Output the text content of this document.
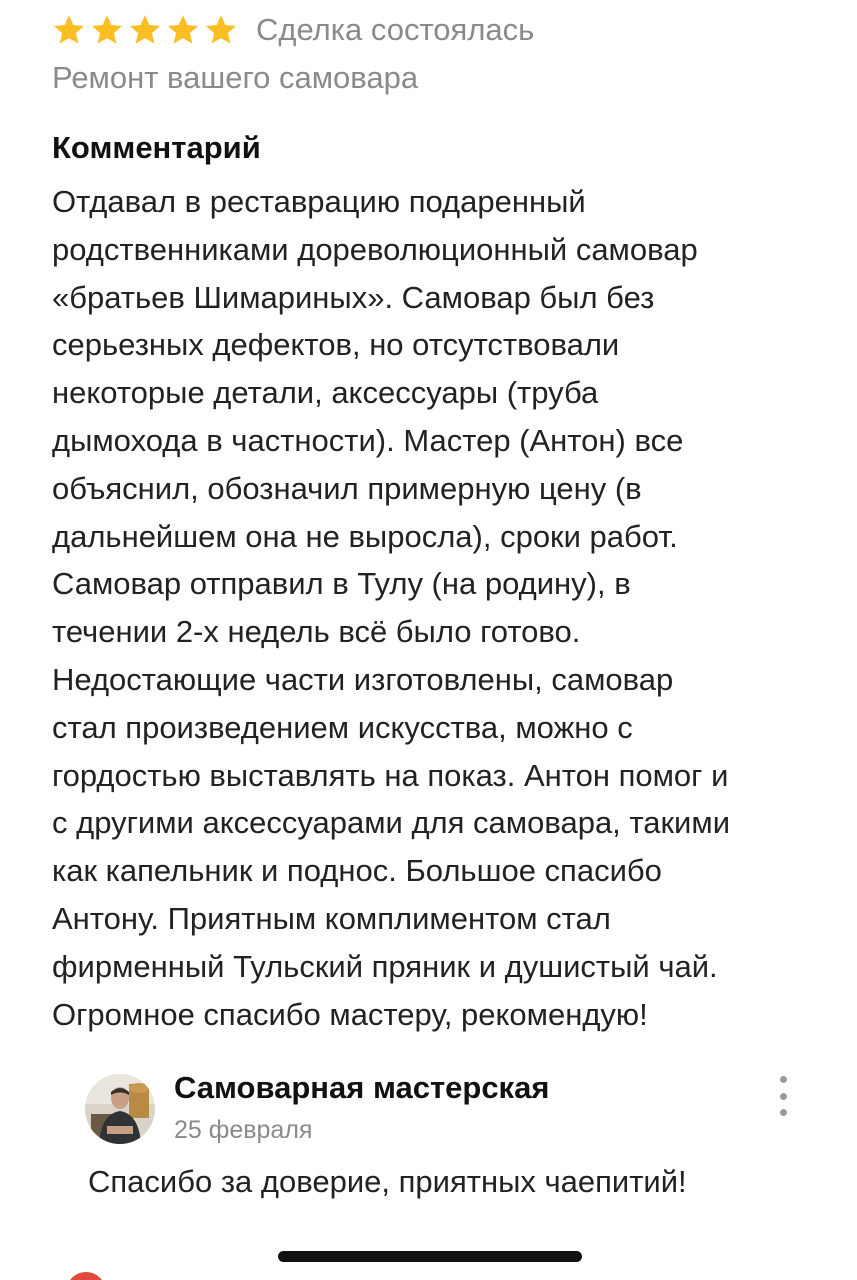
Сделка состоялась
Ремонт вашего самовара
Комментарий
Отдавал в реставрацию подаренный
родственниками дореволюционный самовар
«братьев Шимариных». Самовар был без
серьезных дефектов, но отсутствовали
некоторые детали, аксессуары (труба
дымохода в частности). Мастер (Антон) все
объяснил, обозначил примерную цену (в
дальнейшем она не выросла), сроки работ.
Самовар отправил в Тулу (на родину), в
течении 2-х недель всё было готово.
Недостающие части изготовлены, самовар
стал произведением искусства, можно с
гордостью выставлять на показ. Антон помог и
с другими аксессуарами для самовара, такими
как капельник и поднос. Большое спасибо
Антону. Приятным комплиментом стал
фирменный Тульский пряник и душистый чай.
Огромное спасибо мастеру, рекомендую!
Самоварная мастерская
25 февраля
Спасибо за доверие, приятных чаепитий!
